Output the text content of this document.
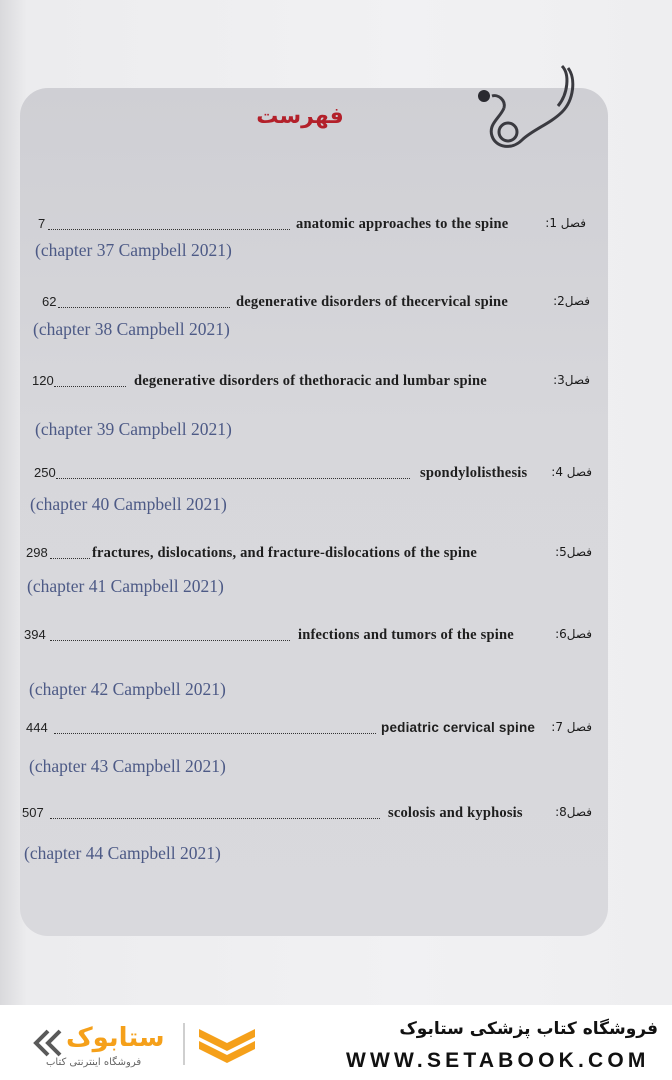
فهرست
7	anatomic approaches to the spine	فصل 1:
(chapter 37 Campbell 2021)
62	degenerative disorders of thecervical spine	فصل2:
(chapter 38 Campbell 2021)
120	degenerative disorders of thethoracic and lumbar spine	فصل3:
(chapter 39 Campbell 2021)
250	spondylolisthesis فصل 4:
(chapter 40 Campbell 2021)
298	fractures, dislocations, and fracture-dislocations of the spine	فصل5:
(chapter 41 Campbell 2021)
394	infections and tumors of the spine	فصل6:
(chapter 42 Campbell 2021)
444	pediatric cervical spine فصل 7:
(chapter 43 Campbell 2021)
507	scolosis and kyphosis	فصل8:
(chapter 44 Campbell 2021)
ستابوک
فروشگاه اینترنتی کتاب
فروشگاه کتاب پزشکی ستابوک
WWW.SETABOOK.COM
